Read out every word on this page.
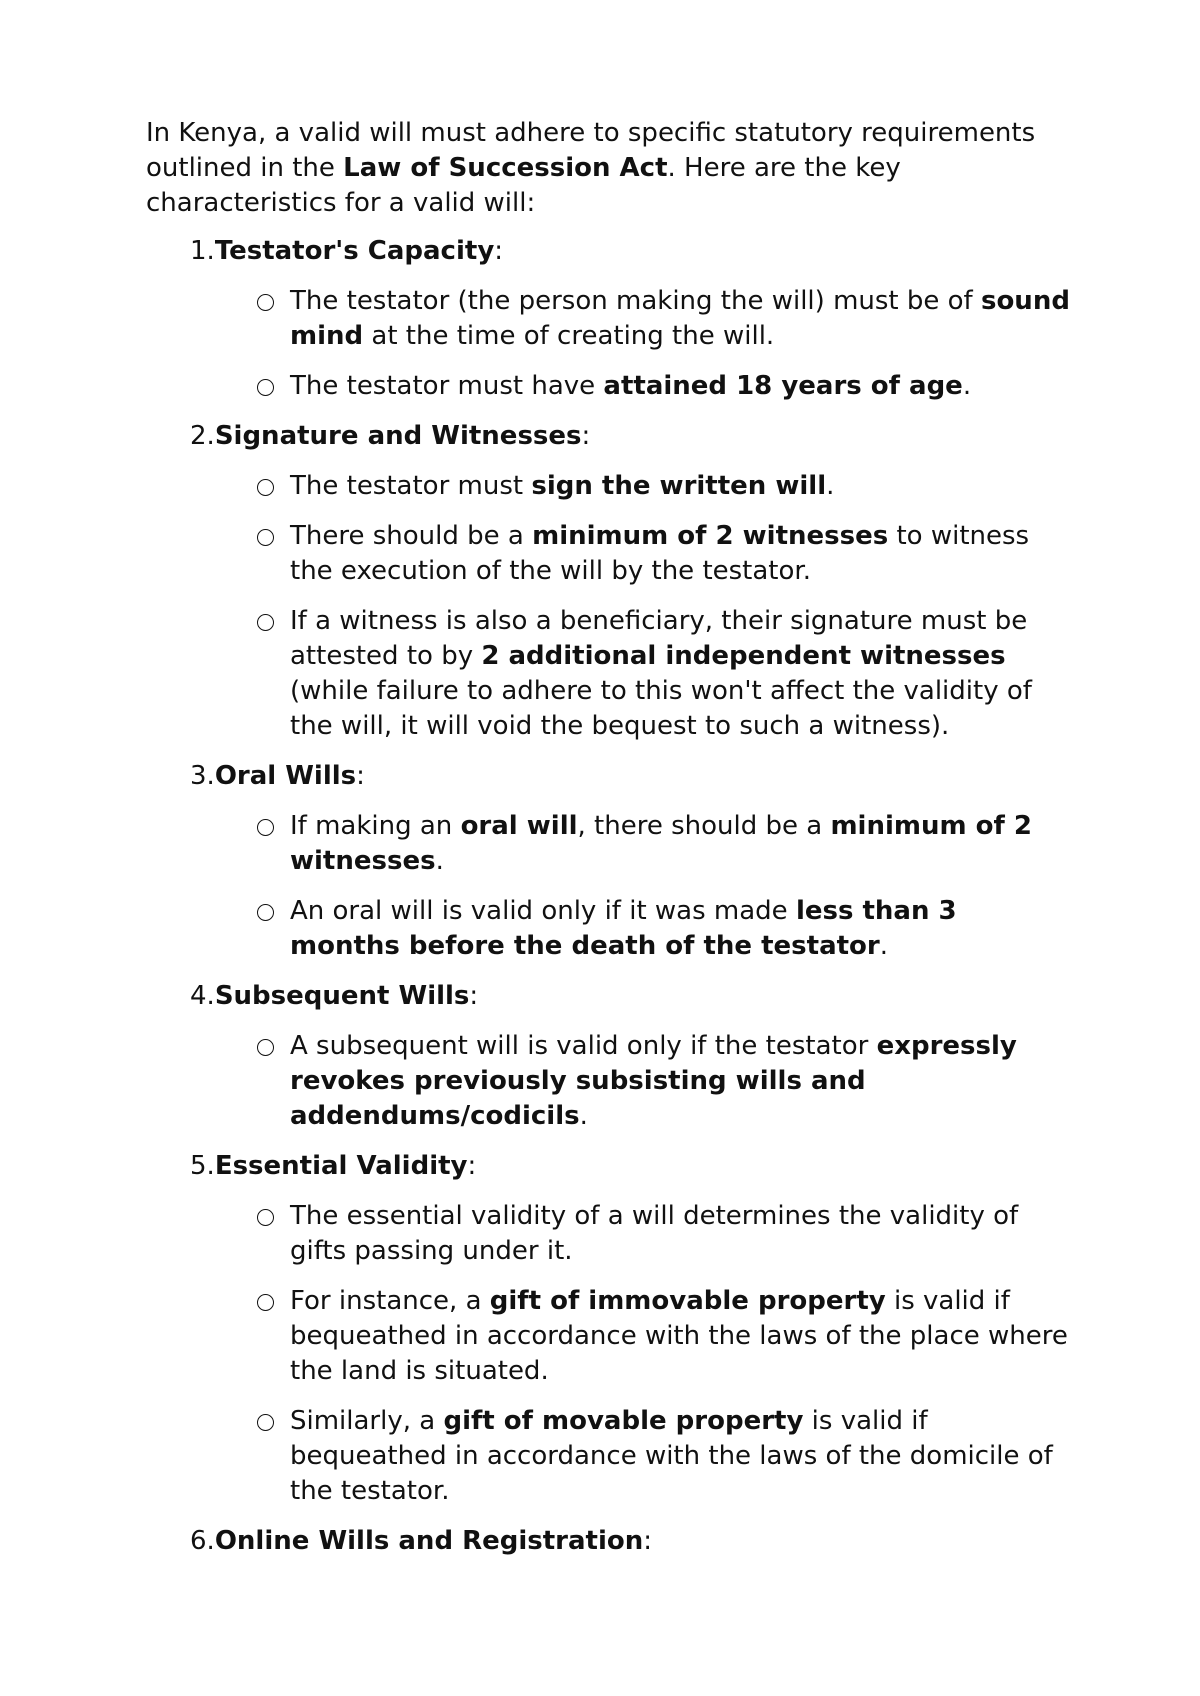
In Kenya, a valid will must adhere to specific statutory requirements outlined in the Law of Succession Act. Here are the key characteristics for a valid will:

1.Testator's Capacity:
The testator (the person making the will) must be of sound mind at the time of creating the will.
The testator must have attained 18 years of age.
2.Signature and Witnesses:
The testator must sign the written will.
There should be a minimum of 2 witnesses to witness the execution of the will by the testator.
If a witness is also a beneficiary, their signature must be attested to by 2 additional independent witnesses (while failure to adhere to this won't affect the validity of the will, it will void the bequest to such a witness).
3.Oral Wills:
If making an oral will, there should be a minimum of 2 witnesses.
An oral will is valid only if it was made less than 3 months before the death of the testator.
4.Subsequent Wills:
A subsequent will is valid only if the testator expressly revokes previously subsisting wills and addendums/codicils.
5.Essential Validity:
The essential validity of a will determines the validity of gifts passing under it.
For instance, a gift of immovable property is valid if bequeathed in accordance with the laws of the place where the land is situated.
Similarly, a gift of movable property is valid if bequeathed in accordance with the laws of the domicile of the testator.
6.Online Wills and Registration:
